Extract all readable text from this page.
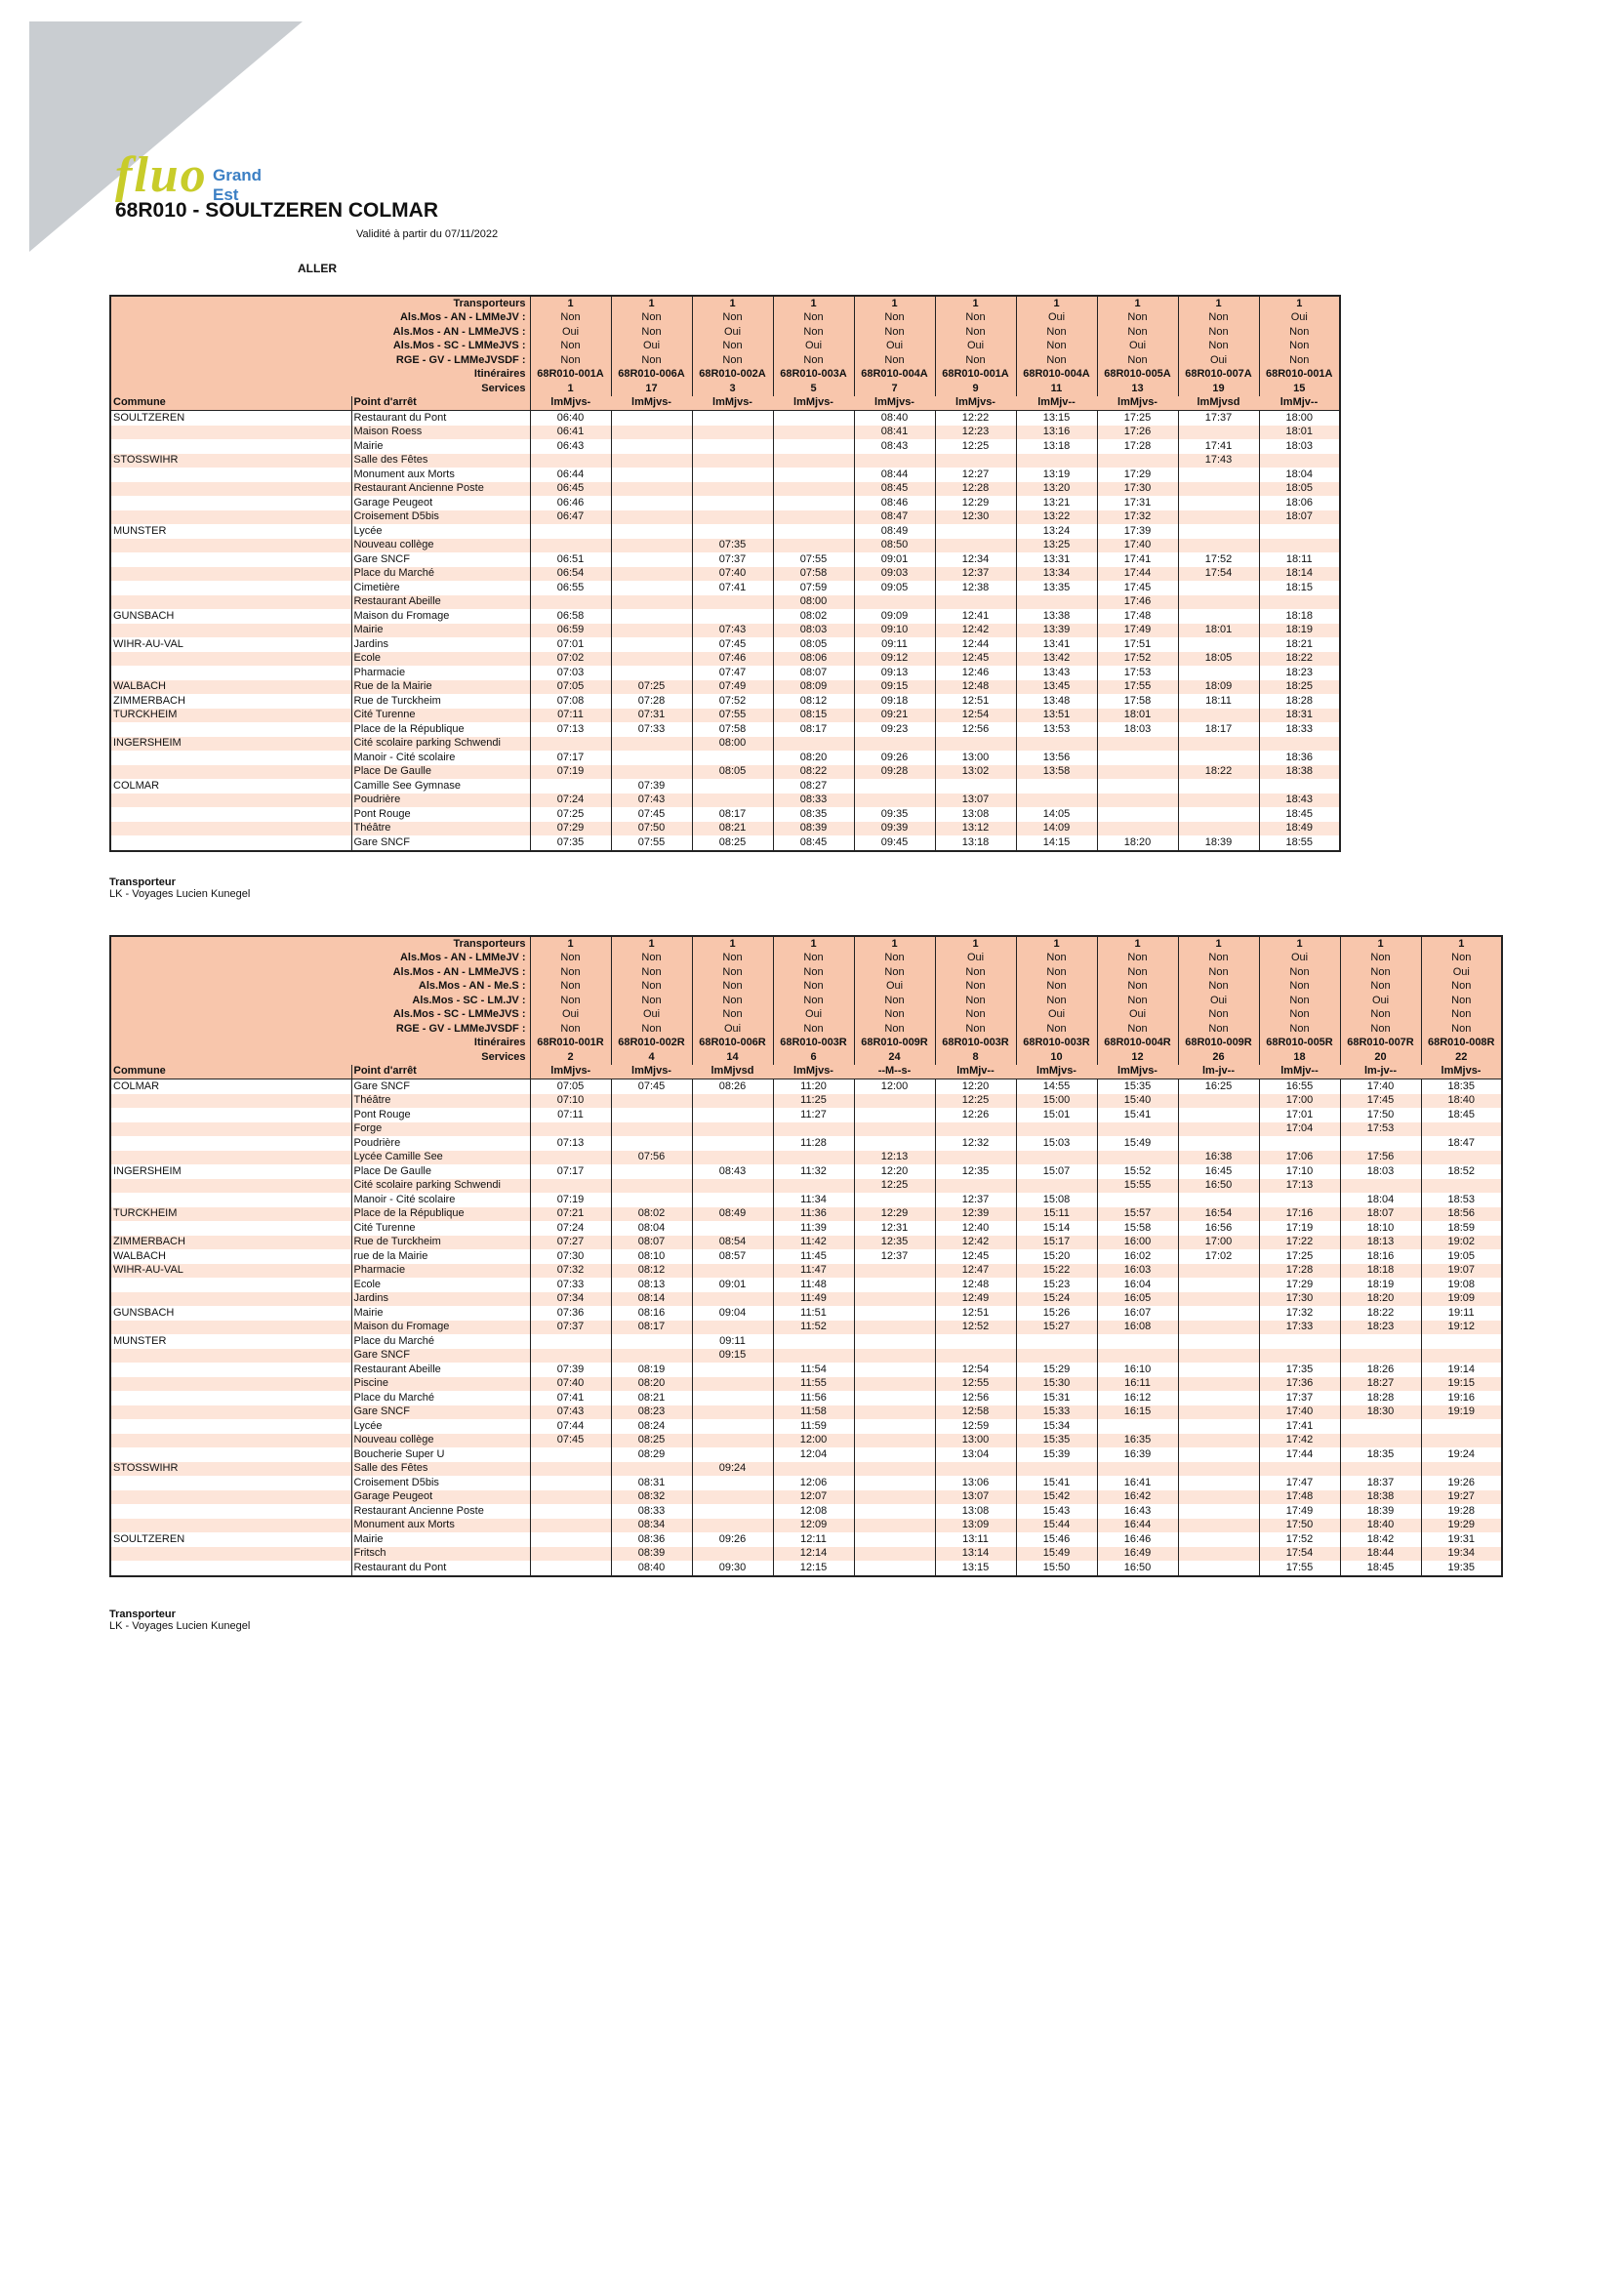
fluo Grand Est
68R010 - SOULTZEREN COLMAR
Validité à partir du 07/11/2022
ALLER
Transporteurs		1	1	1	1	1	1	1	1	1	1
Als.Mos - AN - LMMeJV :		Non	Non	Non	Non	Non	Non	Oui	Non	Non	Oui
Als.Mos - AN - LMMeJVS :		Oui	Non	Oui	Non	Non	Non	Non	Non	Non	Non
Als.Mos - SC - LMMeJVS :		Non	Oui	Non	Oui	Oui	Oui	Non	Oui	Non	Non
RGE - GV - LMMeJVSDF :		Non	Non	Non	Non	Non	Non	Non	Non	Oui	Non
Itinéraires		68R010-001A	68R010-006A	68R010-002A	68R010-003A	68R010-004A	68R010-001A	68R010-004A	68R010-005A	68R010-007A	68R010-001A
Services		1	17	3	5	7	9	11	13	19	15
Commune	Point d'arrêt	lmMjvs-	lmMjvs-	lmMjvs-	lmMjvs-	lmMjvs-	lmMjvs-	lmMjv--	lmMjvs-	lmMjvsd	lmMjv--
SOULTZEREN	Restaurant du Pont	06:40				08:40	12:22	13:15	17:25	17:37	18:00
	Maison Roess	06:41				08:41	12:23	13:16	17:26		18:01
	Mairie	06:43				08:43	12:25	13:18	17:28	17:41	18:03
STOSSWIHR	Salle des Fêtes									17:43	
	Monument aux Morts	06:44				08:44	12:27	13:19	17:29		18:04
	Restaurant Ancienne Poste	06:45				08:45	12:28	13:20	17:30		18:05
	Garage Peugeot	06:46				08:46	12:29	13:21	17:31		18:06
	Croisement D5bis	06:47				08:47	12:30	13:22	17:32		18:07
MUNSTER	Lycée					08:49		13:24	17:39		
	Nouveau collège			07:35		08:50		13:25	17:40		
	Gare SNCF	06:51		07:37	07:55	09:01	12:34	13:31	17:41	17:52	18:11
	Place du Marché	06:54		07:40	07:58	09:03	12:37	13:34	17:44	17:54	18:14
	Cimetière	06:55		07:41	07:59	09:05	12:38	13:35	17:45		18:15
	Restaurant Abeille				08:00				17:46		
GUNSBACH	Maison du Fromage	06:58			08:02	09:09	12:41	13:38	17:48		18:18
	Mairie	06:59		07:43	08:03	09:10	12:42	13:39	17:49	18:01	18:19
WIHR-AU-VAL	Jardins	07:01		07:45	08:05	09:11	12:44	13:41	17:51		18:21
	Ecole	07:02		07:46	08:06	09:12	12:45	13:42	17:52	18:05	18:22
	Pharmacie	07:03		07:47	08:07	09:13	12:46	13:43	17:53		18:23
WALBACH	Rue de la Mairie	07:05	07:25	07:49	08:09	09:15	12:48	13:45	17:55	18:09	18:25
ZIMMERBACH	Rue de Turckheim	07:08	07:28	07:52	08:12	09:18	12:51	13:48	17:58	18:11	18:28
TURCKHEIM	Cité Turenne	07:11	07:31	07:55	08:15	09:21	12:54	13:51	18:01		18:31
	Place de la République	07:13	07:33	07:58	08:17	09:23	12:56	13:53	18:03	18:17	18:33
INGERSHEIM	Cité scolaire parking Schwendi			08:00							
	Manoir - Cité scolaire	07:17			08:20	09:26	13:00	13:56			18:36
	Place De Gaulle	07:19		08:05	08:22	09:28	13:02	13:58		18:22	18:38
COLMAR	Camille See Gymnase		07:39		08:27						
	Poudrière	07:24	07:43		08:33		13:07				18:43
	Pont Rouge	07:25	07:45	08:17	08:35	09:35	13:08	14:05			18:45
	Théâtre	07:29	07:50	08:21	08:39	09:39	13:12	14:09			18:49
	Gare SNCF	07:35	07:55	08:25	08:45	09:45	13:18	14:15	18:20	18:39	18:55
Transporteur
LK - Voyages Lucien Kunegel
Transporteurs		1	1	1	1	1	1	1	1	1	1	1	1
Als.Mos - AN - LMMeJV :		Non	Non	Non	Non	Non	Oui	Non	Non	Non	Oui	Non	Non
Als.Mos - AN - LMMeJVS :		Non	Non	Non	Non	Non	Non	Non	Non	Non	Non	Non	Oui
Als.Mos - AN - Me.S :		Non	Non	Non	Non	Oui	Non	Non	Non	Non	Non	Non	Non
Als.Mos - SC - LM.JV :		Non	Non	Non	Non	Non	Non	Non	Non	Oui	Non	Oui	Non
Als.Mos - SC - LMMeJVS :		Oui	Oui	Non	Oui	Non	Non	Oui	Oui	Non	Non	Non	Non
RGE - GV - LMMeJVSDF :		Non	Non	Oui	Non	Non	Non	Non	Non	Non	Non	Non	Non
Itinéraires		68R010-001R	68R010-002R	68R010-006R	68R010-003R	68R010-009R	68R010-003R	68R010-003R	68R010-004R	68R010-009R	68R010-005R	68R010-007R	68R010-008R
Services		2	4	14	6	24	8	10	12	26	18	20	22
Commune	Point d'arrêt	lmMjvs-	lmMjvs-	lmMjvsd	lmMjvs-	--M--s-	lmMjv--	lmMjvs-	lmMjvs-	lm-jv--	lmMjv--	lm-jv--	lmMjvs-
COLMAR	Gare SNCF	07:05	07:45	08:26	11:20	12:00	12:20	14:55	15:35	16:25	16:55	17:40	18:35
	Théâtre	07:10			11:25		12:25	15:00	15:40		17:00	17:45	18:40
	Pont Rouge	07:11			11:27		12:26	15:01	15:41		17:01	17:50	18:45
	Forge										17:04	17:53	
	Poudrière	07:13			11:28		12:32	15:03	15:49				18:47
	Lycée Camille See		07:56			12:13				16:38	17:06	17:56	
INGERSHEIM	Place De Gaulle	07:17		08:43	11:32	12:20	12:35	15:07	15:52	16:45	17:10	18:03	18:52
	Cité scolaire parking Schwendi					12:25			15:55	16:50	17:13		
	Manoir - Cité scolaire	07:19			11:34		12:37	15:08				18:04	18:53
TURCKHEIM	Place de la République	07:21	08:02	08:49	11:36	12:29	12:39	15:11	15:57	16:54	17:16	18:07	18:56
	Cité Turenne	07:24	08:04		11:39	12:31	12:40	15:14	15:58	16:56	17:19	18:10	18:59
ZIMMERBACH	Rue de Turckheim	07:27	08:07	08:54	11:42	12:35	12:42	15:17	16:00	17:00	17:22	18:13	19:02
WALBACH	rue de la Mairie	07:30	08:10	08:57	11:45	12:37	12:45	15:20	16:02	17:02	17:25	18:16	19:05
WIHR-AU-VAL	Pharmacie	07:32	08:12		11:47		12:47	15:22	16:03		17:28	18:18	19:07
	Ecole	07:33	08:13	09:01	11:48		12:48	15:23	16:04		17:29	18:19	19:08
	Jardins	07:34	08:14		11:49		12:49	15:24	16:05		17:30	18:20	19:09
GUNSBACH	Mairie	07:36	08:16	09:04	11:51		12:51	15:26	16:07		17:32	18:22	19:11
	Maison du Fromage	07:37	08:17		11:52		12:52	15:27	16:08		17:33	18:23	19:12
MUNSTER	Place du Marché			09:11									
	Gare SNCF			09:15									
	Restaurant Abeille	07:39	08:19		11:54		12:54	15:29	16:10		17:35	18:26	19:14
	Piscine	07:40	08:20		11:55		12:55	15:30	16:11		17:36	18:27	19:15
	Place du Marché	07:41	08:21		11:56		12:56	15:31	16:12		17:37	18:28	19:16
	Gare SNCF	07:43	08:23		11:58		12:58	15:33	16:15		17:40	18:30	19:19
	Lycée	07:44	08:24		11:59		12:59	15:34			17:41		
	Nouveau collège	07:45	08:25		12:00		13:00	15:35	16:35		17:42		
	Boucherie Super U		08:29		12:04		13:04	15:39	16:39		17:44	18:35	19:24
STOSSWIHR	Salle des Fêtes			09:24									
	Croisement D5bis		08:31		12:06		13:06	15:41	16:41		17:47	18:37	19:26
	Garage Peugeot		08:32		12:07		13:07	15:42	16:42		17:48	18:38	19:27
	Restaurant Ancienne Poste		08:33		12:08		13:08	15:43	16:43		17:49	18:39	19:28
	Monument aux Morts		08:34		12:09		13:09	15:44	16:44		17:50	18:40	19:29
SOULTZEREN	Mairie		08:36	09:26	12:11		13:11	15:46	16:46		17:52	18:42	19:31
	Fritsch		08:39		12:14		13:14	15:49	16:49		17:54	18:44	19:34
	Restaurant du Pont		08:40	09:30	12:15		13:15	15:50	16:50		17:55	18:45	19:35
Transporteur
LK - Voyages Lucien Kunegel
